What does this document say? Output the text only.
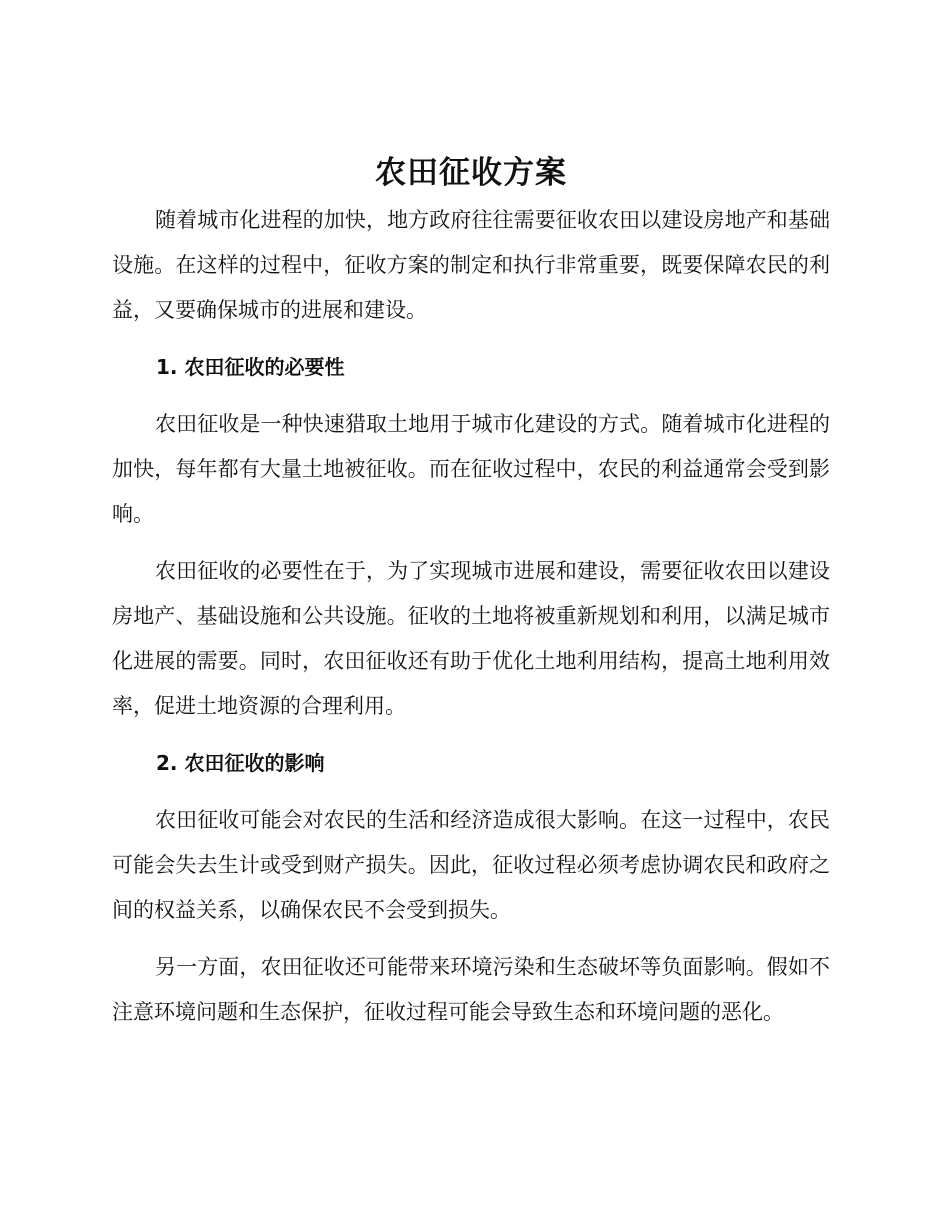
农田征收方案

随着城市化进程的加快，地方政府往往需要征收农田以建设房地产和基础设施。在这样的过程中，征收方案的制定和执行非常重要，既要保障农民的利益，又要确保城市的进展和建设。

1. 农田征收的必要性

农田征收是一种快速猎取土地用于城市化建设的方式。随着城市化进程的加快，每年都有大量土地被征收。而在征收过程中，农民的利益通常会受到影响。

农田征收的必要性在于，为了实现城市进展和建设，需要征收农田以建设房地产、基础设施和公共设施。征收的土地将被重新规划和利用，以满足城市化进展的需要。同时，农田征收还有助于优化土地利用结构，提高土地利用效率，促进土地资源的合理利用。

2. 农田征收的影响

农田征收可能会对农民的生活和经济造成很大影响。在这一过程中，农民可能会失去生计或受到财产损失。因此，征收过程必须考虑协调农民和政府之间的权益关系，以确保农民不会受到损失。

另一方面，农田征收还可能带来环境污染和生态破坏等负面影响。假如不注意环境问题和生态保护，征收过程可能会导致生态和环境问题的恶化。
